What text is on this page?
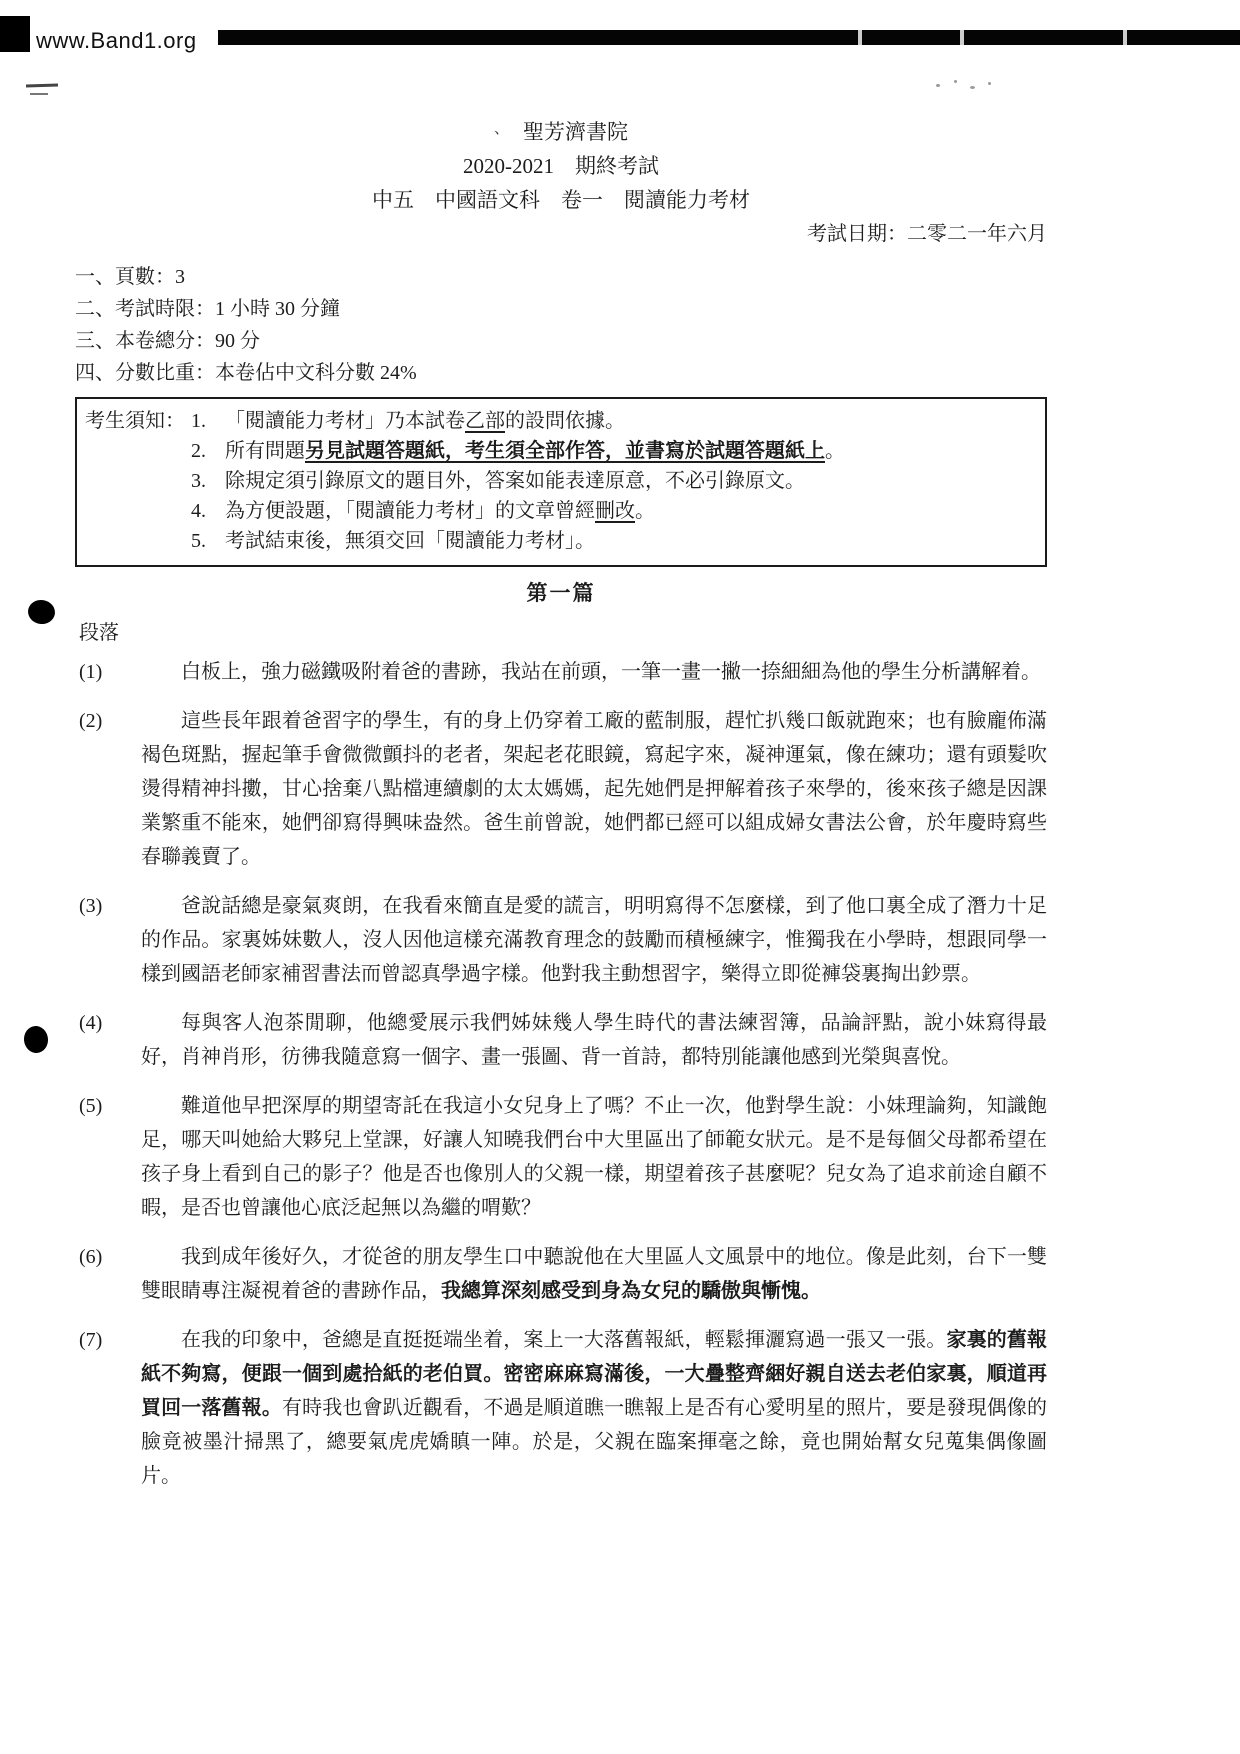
www.Band1.org
、 聖芳濟書院
2020-2021　期終考試
中五　中國語文科　卷一　閱讀能力考材
考試日期：二零二一年六月
一、頁數：3
二、考試時限：1 小時 30 分鐘
三、本卷總分：90 分
四、分數比重：本卷佔中文科分數 24%
考生須知： 1. 「閱讀能力考材」乃本試卷乙部的設問依據。
2. 所有問題另見試題答題紙，考生須全部作答，並書寫於試題答題紙上。
3. 除規定須引錄原文的題目外，答案如能表達原意，不必引錄原文。
4. 為方便設題，「閱讀能力考材」的文章曾經刪改。
5. 考試結束後，無須交回「閱讀能力考材」。
第一篇
段落
(1)	白板上，強力磁鐵吸附着爸的書跡，我站在前頭，一筆一畫一撇一捺細細為他的學生分析講解着。
(2)	這些長年跟着爸習字的學生，有的身上仍穿着工廠的藍制服，趕忙扒幾口飯就跑來；也有臉龐佈滿褐色斑點，握起筆手會微微顫抖的老者，架起老花眼鏡，寫起字來，凝神運氣，像在練功；還有頭髮吹燙得精神抖擻，甘心捨棄八點檔連續劇的太太媽媽，起先她們是押解着孩子來學的，後來孩子總是因課業繁重不能來，她們卻寫得興味盎然。爸生前曾說，她們都已經可以組成婦女書法公會，於年慶時寫些春聯義賣了。
(3)	爸說話總是豪氣爽朗，在我看來簡直是愛的謊言，明明寫得不怎麼樣，到了他口裏全成了潛力十足的作品。家裏姊妹數人，沒人因他這樣充滿教育理念的鼓勵而積極練字，惟獨我在小學時，想跟同學一樣到國語老師家補習書法而曾認真學過字樣。他對我主動想習字，樂得立即從褲袋裏掏出鈔票。
(4)	每與客人泡茶閒聊，他總愛展示我們姊妹幾人學生時代的書法練習簿，品論評點，說小妹寫得最好，肖神肖形，彷彿我隨意寫一個字、畫一張圖、背一首詩，都特別能讓他感到光榮與喜悅。
(5)	難道他早把深厚的期望寄託在我這小女兒身上了嗎？不止一次，他對學生說：小妹理論夠，知識飽足，哪天叫她給大夥兒上堂課，好讓人知曉我們台中大里區出了師範女狀元。是不是每個父母都希望在孩子身上看到自己的影子？他是否也像別人的父親一樣，期望着孩子甚麼呢？兒女為了追求前途自顧不暇，是否也曾讓他心底泛起無以為繼的喟歎？
(6)	我到成年後好久，才從爸的朋友學生口中聽說他在大里區人文風景中的地位。像是此刻，台下一雙雙眼睛專注凝視着爸的書跡作品，我總算深刻感受到身為女兒的驕傲與慚愧。
(7)	在我的印象中，爸總是直挺挺端坐着，案上一大落舊報紙，輕鬆揮灑寫過一張又一張。家裏的舊報紙不夠寫，便跟一個到處拾紙的老伯買。密密麻麻寫滿後，一大疊整齊綑好親自送去老伯家裏，順道再買回一落舊報。有時我也會趴近觀看，不過是順道瞧一瞧報上是否有心愛明星的照片，要是發現偶像的臉竟被墨汁掃黑了，總要氣虎虎嬌瞋一陣。於是，父親在臨案揮毫之餘，竟也開始幫女兒蒐集偶像圖片。
